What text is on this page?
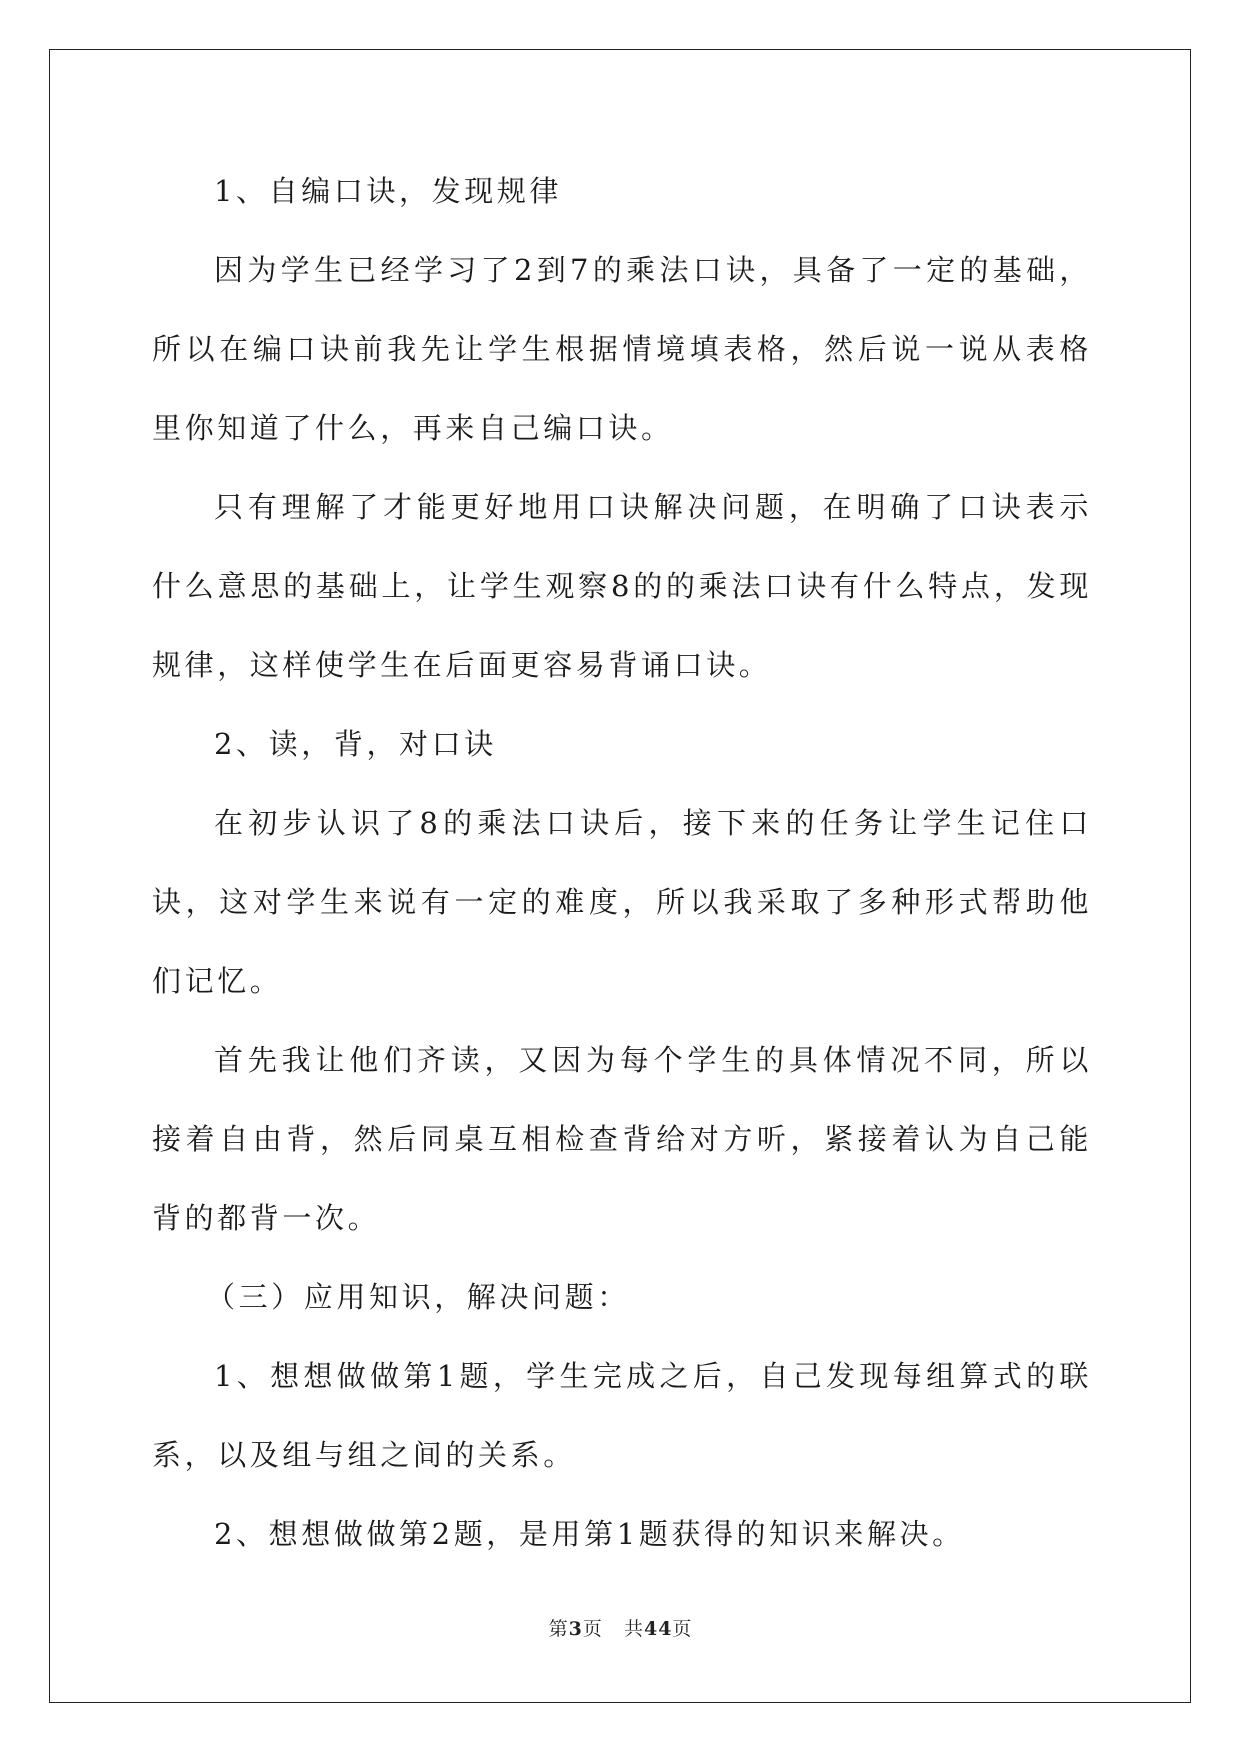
1、自编口诀，发现规律

因为学生已经学习了2到7的乘法口诀，具备了一定的基础，所以在编口诀前我先让学生根据情境填表格，然后说一说从表格里你知道了什么，再来自己编口诀。

只有理解了才能更好地用口诀解决问题，在明确了口诀表示什么意思的基础上，让学生观察8的的乘法口诀有什么特点，发现规律，这样使学生在后面更容易背诵口诀。

2、读，背，对口诀

在初步认识了8的乘法口诀后，接下来的任务让学生记住口诀，这对学生来说有一定的难度，所以我采取了多种形式帮助他们记忆。

首先我让他们齐读，又因为每个学生的具体情况不同，所以接着自由背，然后同桌互相检查背给对方听，紧接着认为自己能背的都背一次。

（三）应用知识，解决问题：

1、想想做做第1题，学生完成之后，自己发现每组算式的联系，以及组与组之间的关系。

2、想想做做第2题，是用第1题获得的知识来解决。

第3页 共44页
